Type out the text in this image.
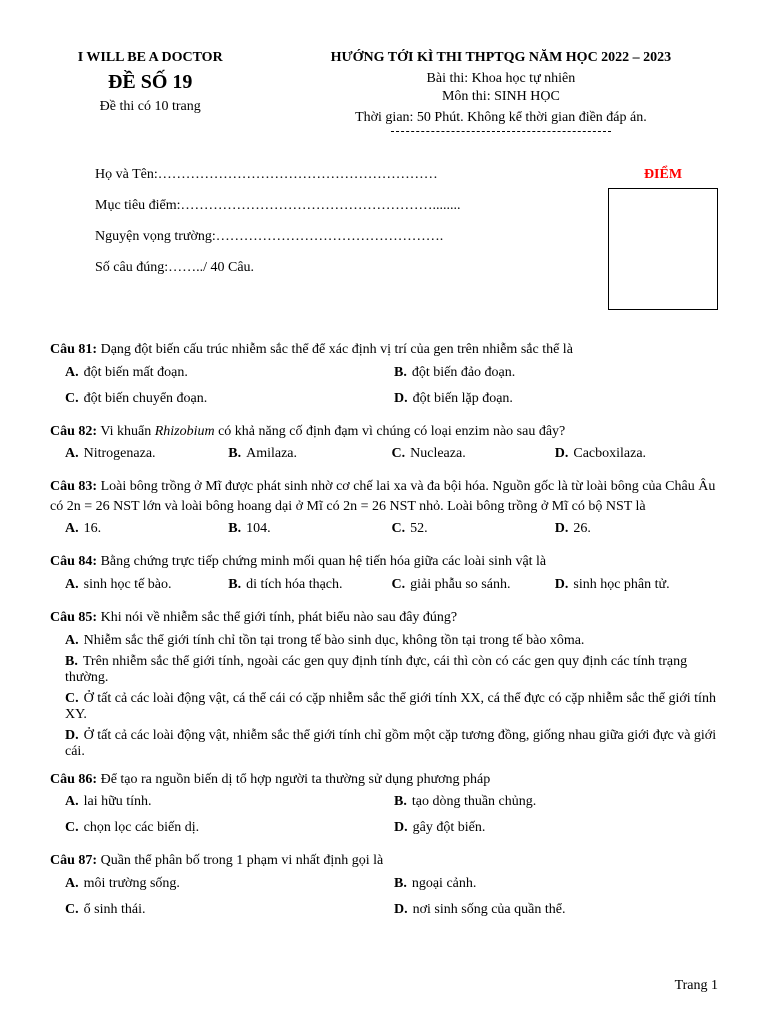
I WILL BE A DOCTOR
ĐỀ SỐ 19
Đề thi có 10 trang
HƯỚNG TỚI KÌ THI THPTQG NĂM HỌC 2022 – 2023
Bài thi: Khoa học tự nhiên
Môn thi: SINH HỌC
Thời gian: 50 Phút. Không kể thời gian điền đáp án.
Họ và Tên:……………………………………………………
Mục tiêu điểm:………………………………………………........
Nguyện vọng trường:………………………………………….
Số câu đúng:……../ 40 Câu.
ĐIỂM
Câu 81: Dạng đột biến cấu trúc nhiễm sắc thể để xác định vị trí của gen trên nhiễm sắc thể là
A. đột biến mất đoạn.	B. đột biến đảo đoạn.
C. đột biến chuyển đoạn.	D. đột biến lặp đoạn.
Câu 82: Vi khuẩn Rhizobium có khả năng cố định đạm vì chúng có loại enzim nào sau đây?
A. Nitrogenaza.	B. Amilaza.	C. Nucleaza.	D. Cacboxilaza.
Câu 83: Loài bông trồng ở Mĩ được phát sinh nhờ cơ chế lai xa và đa bội hóa. Nguồn gốc là từ loài bông của Châu Âu có 2n = 26 NST lớn và loài bông hoang dại ở Mĩ có 2n = 26 NST nhỏ. Loài bông trồng ở Mĩ có bộ NST là
A. 16.	B. 104.	C. 52.	D. 26.
Câu 84: Bằng chứng trực tiếp chứng minh mối quan hệ tiến hóa giữa các loài sinh vật là
A. sinh học tế bào.	B. di tích hóa thạch.	C. giải phẫu so sánh.	D. sinh học phân tử.
Câu 85: Khi nói về nhiễm sắc thể giới tính, phát biểu nào sau đây đúng?
A. Nhiễm sắc thể giới tính chỉ tồn tại trong tế bào sinh dục, không tồn tại trong tế bào xôma.
B. Trên nhiễm sắc thể giới tính, ngoài các gen quy định tính đực, cái thì còn có các gen quy định các tính trạng thường.
C. Ở tất cả các loài động vật, cá thể cái có cặp nhiễm sắc thể giới tính XX, cá thể đực có cặp nhiễm sắc thể giới tính XY.
D. Ở tất cả các loài động vật, nhiễm sắc thể giới tính chỉ gồm một cặp tương đồng, giống nhau giữa giới đực và giới cái.
Câu 86: Để tạo ra nguồn biến dị tổ hợp người ta thường sử dụng phương pháp
A. lai hữu tính.	B. tạo dòng thuần chủng.
C. chọn lọc các biến dị.	D. gây đột biến.
Câu 87: Quần thể phân bố trong 1 phạm vi nhất định gọi là
A. môi trường sống.	B. ngoại cảnh.
C. ổ sinh thái.	D. nơi sinh sống của quần thể.
Trang 1
